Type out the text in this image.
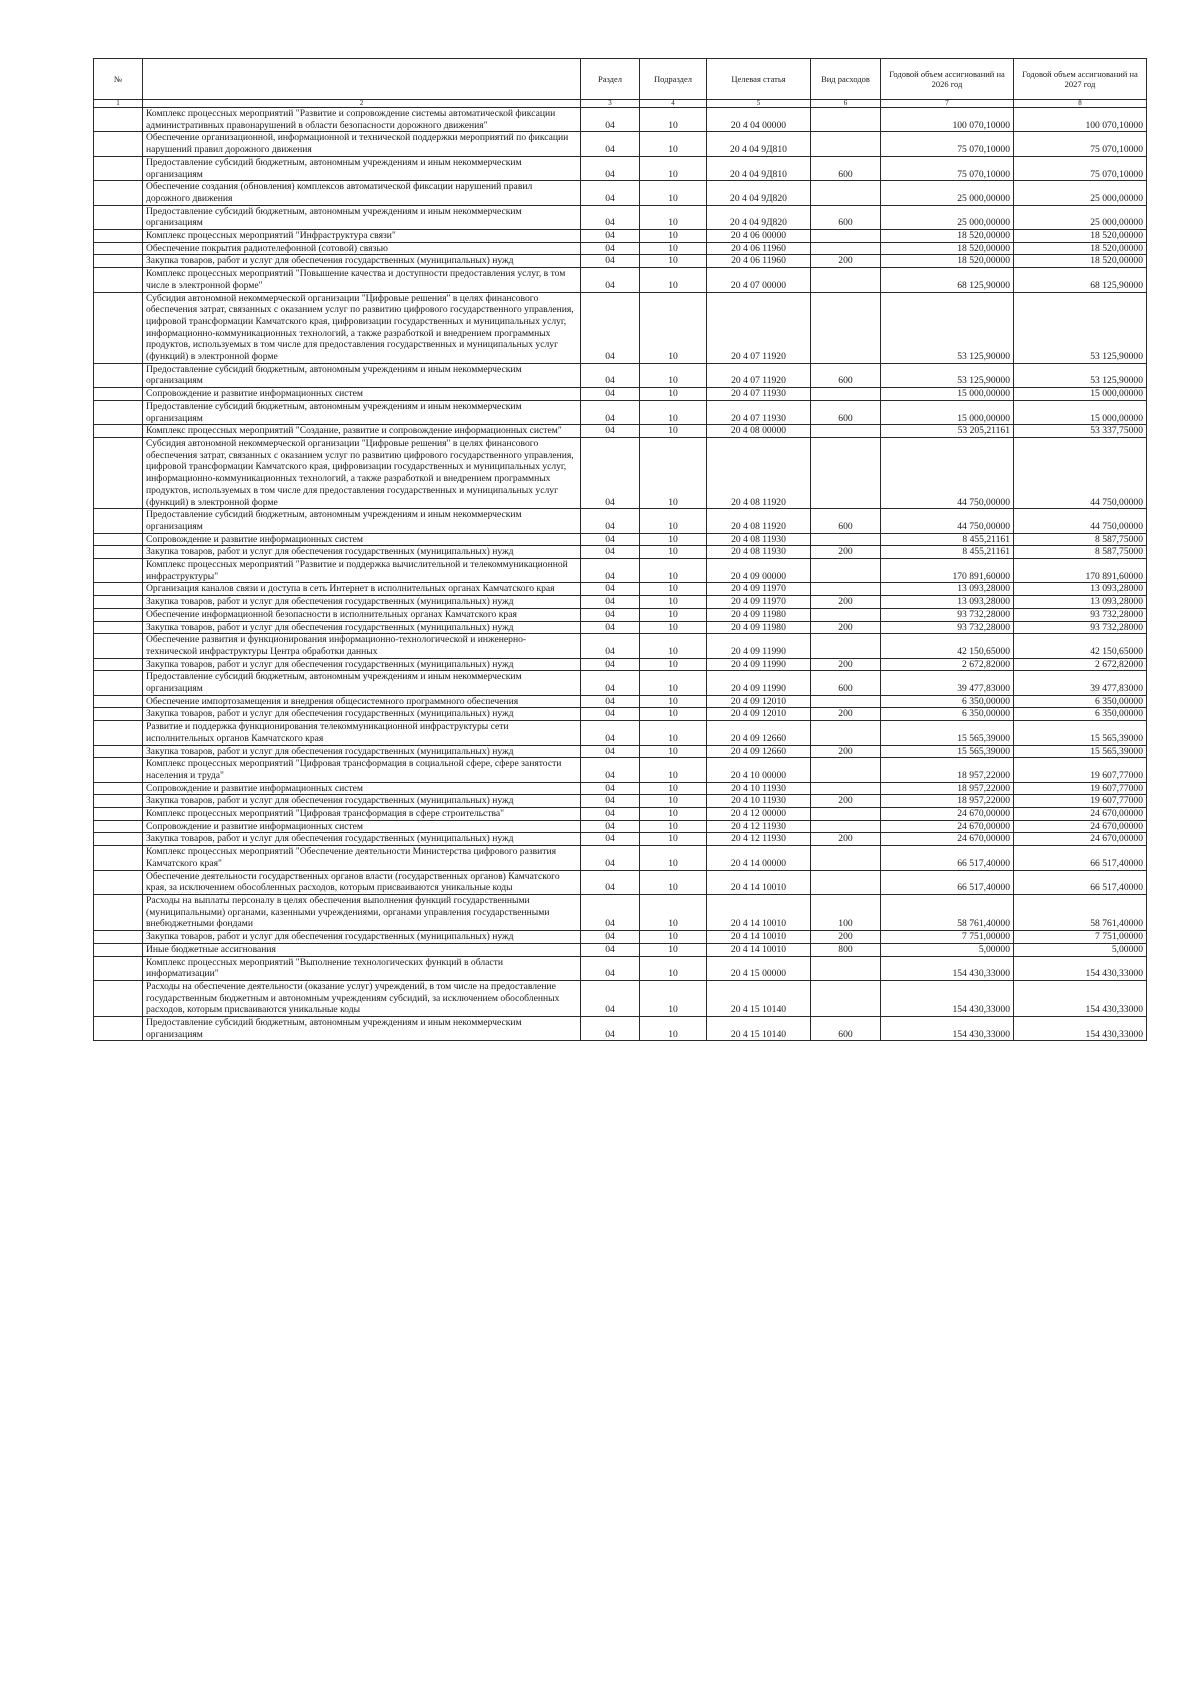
№		Раздел	Подраздел	Целевая статья	Вид расходов	Годовой объем ассигнований на 2026 год	Годовой объем ассигнований на 2027 год
1	2	3	4	5	6	7	8
	Комплекс процессных мероприятий "Развитие и сопровождение системы автоматической фиксации административных правонарушений в области безопасности дорожного движения"	04	10	20 4 04 00000		100 070,10000	100 070,10000
	Обеспечение организационной, информационной и технической поддержки мероприятий по фиксации нарушений правил дорожного движения	04	10	20 4 04 9Д810		75 070,10000	75 070,10000
	Предоставление субсидий бюджетным, автономным учреждениям и иным некоммерческим организациям	04	10	20 4 04 9Д810	600	75 070,10000	75 070,10000
	Обеспечение создания (обновления) комплексов автоматической фиксации нарушений правил дорожного движения	04	10	20 4 04 9Д820		25 000,00000	25 000,00000
	Предоставление субсидий бюджетным, автономным учреждениям и иным некоммерческим организациям	04	10	20 4 04 9Д820	600	25 000,00000	25 000,00000
	Комплекс процессных мероприятий "Инфраструктура связи"	04	10	20 4 06 00000		18 520,00000	18 520,00000
	Обеспечение покрытия радиотелефонной (сотовой) связью	04	10	20 4 06 11960		18 520,00000	18 520,00000
	Закупка товаров, работ и услуг для обеспечения государственных (муниципальных) нужд	04	10	20 4 06 11960	200	18 520,00000	18 520,00000
	Комплекс процессных мероприятий "Повышение качества и доступности предоставления услуг, в том числе в электронной форме"	04	10	20 4 07 00000		68 125,90000	68 125,90000
	Субсидия автономной некоммерческой организации "Цифровые решения" в целях финансового обеспечения затрат, связанных с оказанием услуг по развитию цифрового государственного управления, цифровой трансформации Камчатского края, цифровизации государственных и муниципальных услуг, информационно-коммуникационных технологий, а также разработкой и внедрением программных продуктов, используемых в том числе для предоставления государственных и муниципальных услуг (функций) в электронной форме	04	10	20 4 07 11920		53 125,90000	53 125,90000
	Предоставление субсидий бюджетным, автономным учреждениям и иным некоммерческим организациям	04	10	20 4 07 11920	600	53 125,90000	53 125,90000
	Сопровождение и развитие информационных систем	04	10	20 4 07 11930		15 000,00000	15 000,00000
	Предоставление субсидий бюджетным, автономным учреждениям и иным некоммерческим организациям	04	10	20 4 07 11930	600	15 000,00000	15 000,00000
	Комплекс процессных мероприятий "Создание, развитие и сопровождение информационных систем"	04	10	20 4 08 00000		53 205,21161	53 337,75000
	Субсидия автономной некоммерческой организации "Цифровые решения" в целях финансового обеспечения затрат, связанных с оказанием услуг по развитию цифрового государственного управления, цифровой трансформации Камчатского края, цифровизации государственных и муниципальных услуг, информационно-коммуникационных технологий, а также разработкой и внедрением программных продуктов, используемых в том числе для предоставления государственных и муниципальных услуг (функций) в электронной форме	04	10	20 4 08 11920		44 750,00000	44 750,00000
	Предоставление субсидий бюджетным, автономным учреждениям и иным некоммерческим организациям	04	10	20 4 08 11920	600	44 750,00000	44 750,00000
	Сопровождение и развитие информационных систем	04	10	20 4 08 11930		8 455,21161	8 587,75000
	Закупка товаров, работ и услуг для обеспечения государственных (муниципальных) нужд	04	10	20 4 08 11930	200	8 455,21161	8 587,75000
	Комплекс процессных мероприятий "Развитие и поддержка вычислительной и телекоммуникационной инфраструктуры"	04	10	20 4 09 00000		170 891,60000	170 891,60000
	Организация каналов связи и доступа в сеть Интернет в исполнительных органах Камчатского края	04	10	20 4 09 11970		13 093,28000	13 093,28000
	Закупка товаров, работ и услуг для обеспечения государственных (муниципальных) нужд	04	10	20 4 09 11970	200	13 093,28000	13 093,28000
	Обеспечение информационной безопасности в исполнительных органах Камчатского края	04	10	20 4 09 11980		93 732,28000	93 732,28000
	Закупка товаров, работ и услуг для обеспечения государственных (муниципальных) нужд	04	10	20 4 09 11980	200	93 732,28000	93 732,28000
	Обеспечение развития и функционирования информационно-технологической и инженерно-технической инфраструктуры Центра обработки данных	04	10	20 4 09 11990		42 150,65000	42 150,65000
	Закупка товаров, работ и услуг для обеспечения государственных (муниципальных) нужд	04	10	20 4 09 11990	200	2 672,82000	2 672,82000
	Предоставление субсидий бюджетным, автономным учреждениям и иным некоммерческим организациям	04	10	20 4 09 11990	600	39 477,83000	39 477,83000
	Обеспечение импортозамещения и внедрения общесистемного программного обеспечения	04	10	20 4 09 12010		6 350,00000	6 350,00000
	Закупка товаров, работ и услуг для обеспечения государственных (муниципальных) нужд	04	10	20 4 09 12010	200	6 350,00000	6 350,00000
	Развитие и поддержка функционирования телекоммуникационной инфраструктуры сети исполнительных органов Камчатского края	04	10	20 4 09 12660		15 565,39000	15 565,39000
	Закупка товаров, работ и услуг для обеспечения государственных (муниципальных) нужд	04	10	20 4 09 12660	200	15 565,39000	15 565,39000
	Комплекс процессных мероприятий "Цифровая трансформация в социальной сфере, сфере занятости населения и труда"	04	10	20 4 10 00000		18 957,22000	19 607,77000
	Сопровождение и развитие информационных систем	04	10	20 4 10 11930		18 957,22000	19 607,77000
	Закупка товаров, работ и услуг для обеспечения государственных (муниципальных) нужд	04	10	20 4 10 11930	200	18 957,22000	19 607,77000
	Комплекс процессных мероприятий "Цифровая трансформация в сфере строительства"	04	10	20 4 12 00000		24 670,00000	24 670,00000
	Сопровождение и развитие информационных систем	04	10	20 4 12 11930		24 670,00000	24 670,00000
	Закупка товаров, работ и услуг для обеспечения государственных (муниципальных) нужд	04	10	20 4 12 11930	200	24 670,00000	24 670,00000
	Комплекс процессных мероприятий "Обеспечение деятельности Министерства цифрового развития Камчатского края"	04	10	20 4 14 00000		66 517,40000	66 517,40000
	Обеспечение деятельности государственных органов власти (государственных органов) Камчатского края, за исключением обособленных расходов, которым присваиваются уникальные коды	04	10	20 4 14 10010		66 517,40000	66 517,40000
	Расходы на выплаты персоналу в целях обеспечения выполнения функций государственными (муниципальными) органами, казенными учреждениями, органами управления государственными внебюджетными фондами	04	10	20 4 14 10010	100	58 761,40000	58 761,40000
	Закупка товаров, работ и услуг для обеспечения государственных (муниципальных) нужд	04	10	20 4 14 10010	200	7 751,00000	7 751,00000
	Иные бюджетные ассигнования	04	10	20 4 14 10010	800	5,00000	5,00000
	Комплекс процессных мероприятий "Выполнение технологических функций в области информатизации"	04	10	20 4 15 00000		154 430,33000	154 430,33000
	Расходы на обеспечение деятельности (оказание услуг) учреждений, в том числе на предоставление государственным бюджетным и автономным учреждениям субсидий, за исключением обособленных расходов, которым присваиваются уникальные коды	04	10	20 4 15 10140		154 430,33000	154 430,33000
	Предоставление субсидий бюджетным, автономным учреждениям и иным некоммерческим организациям	04	10	20 4 15 10140	600	154 430,33000	154 430,33000
